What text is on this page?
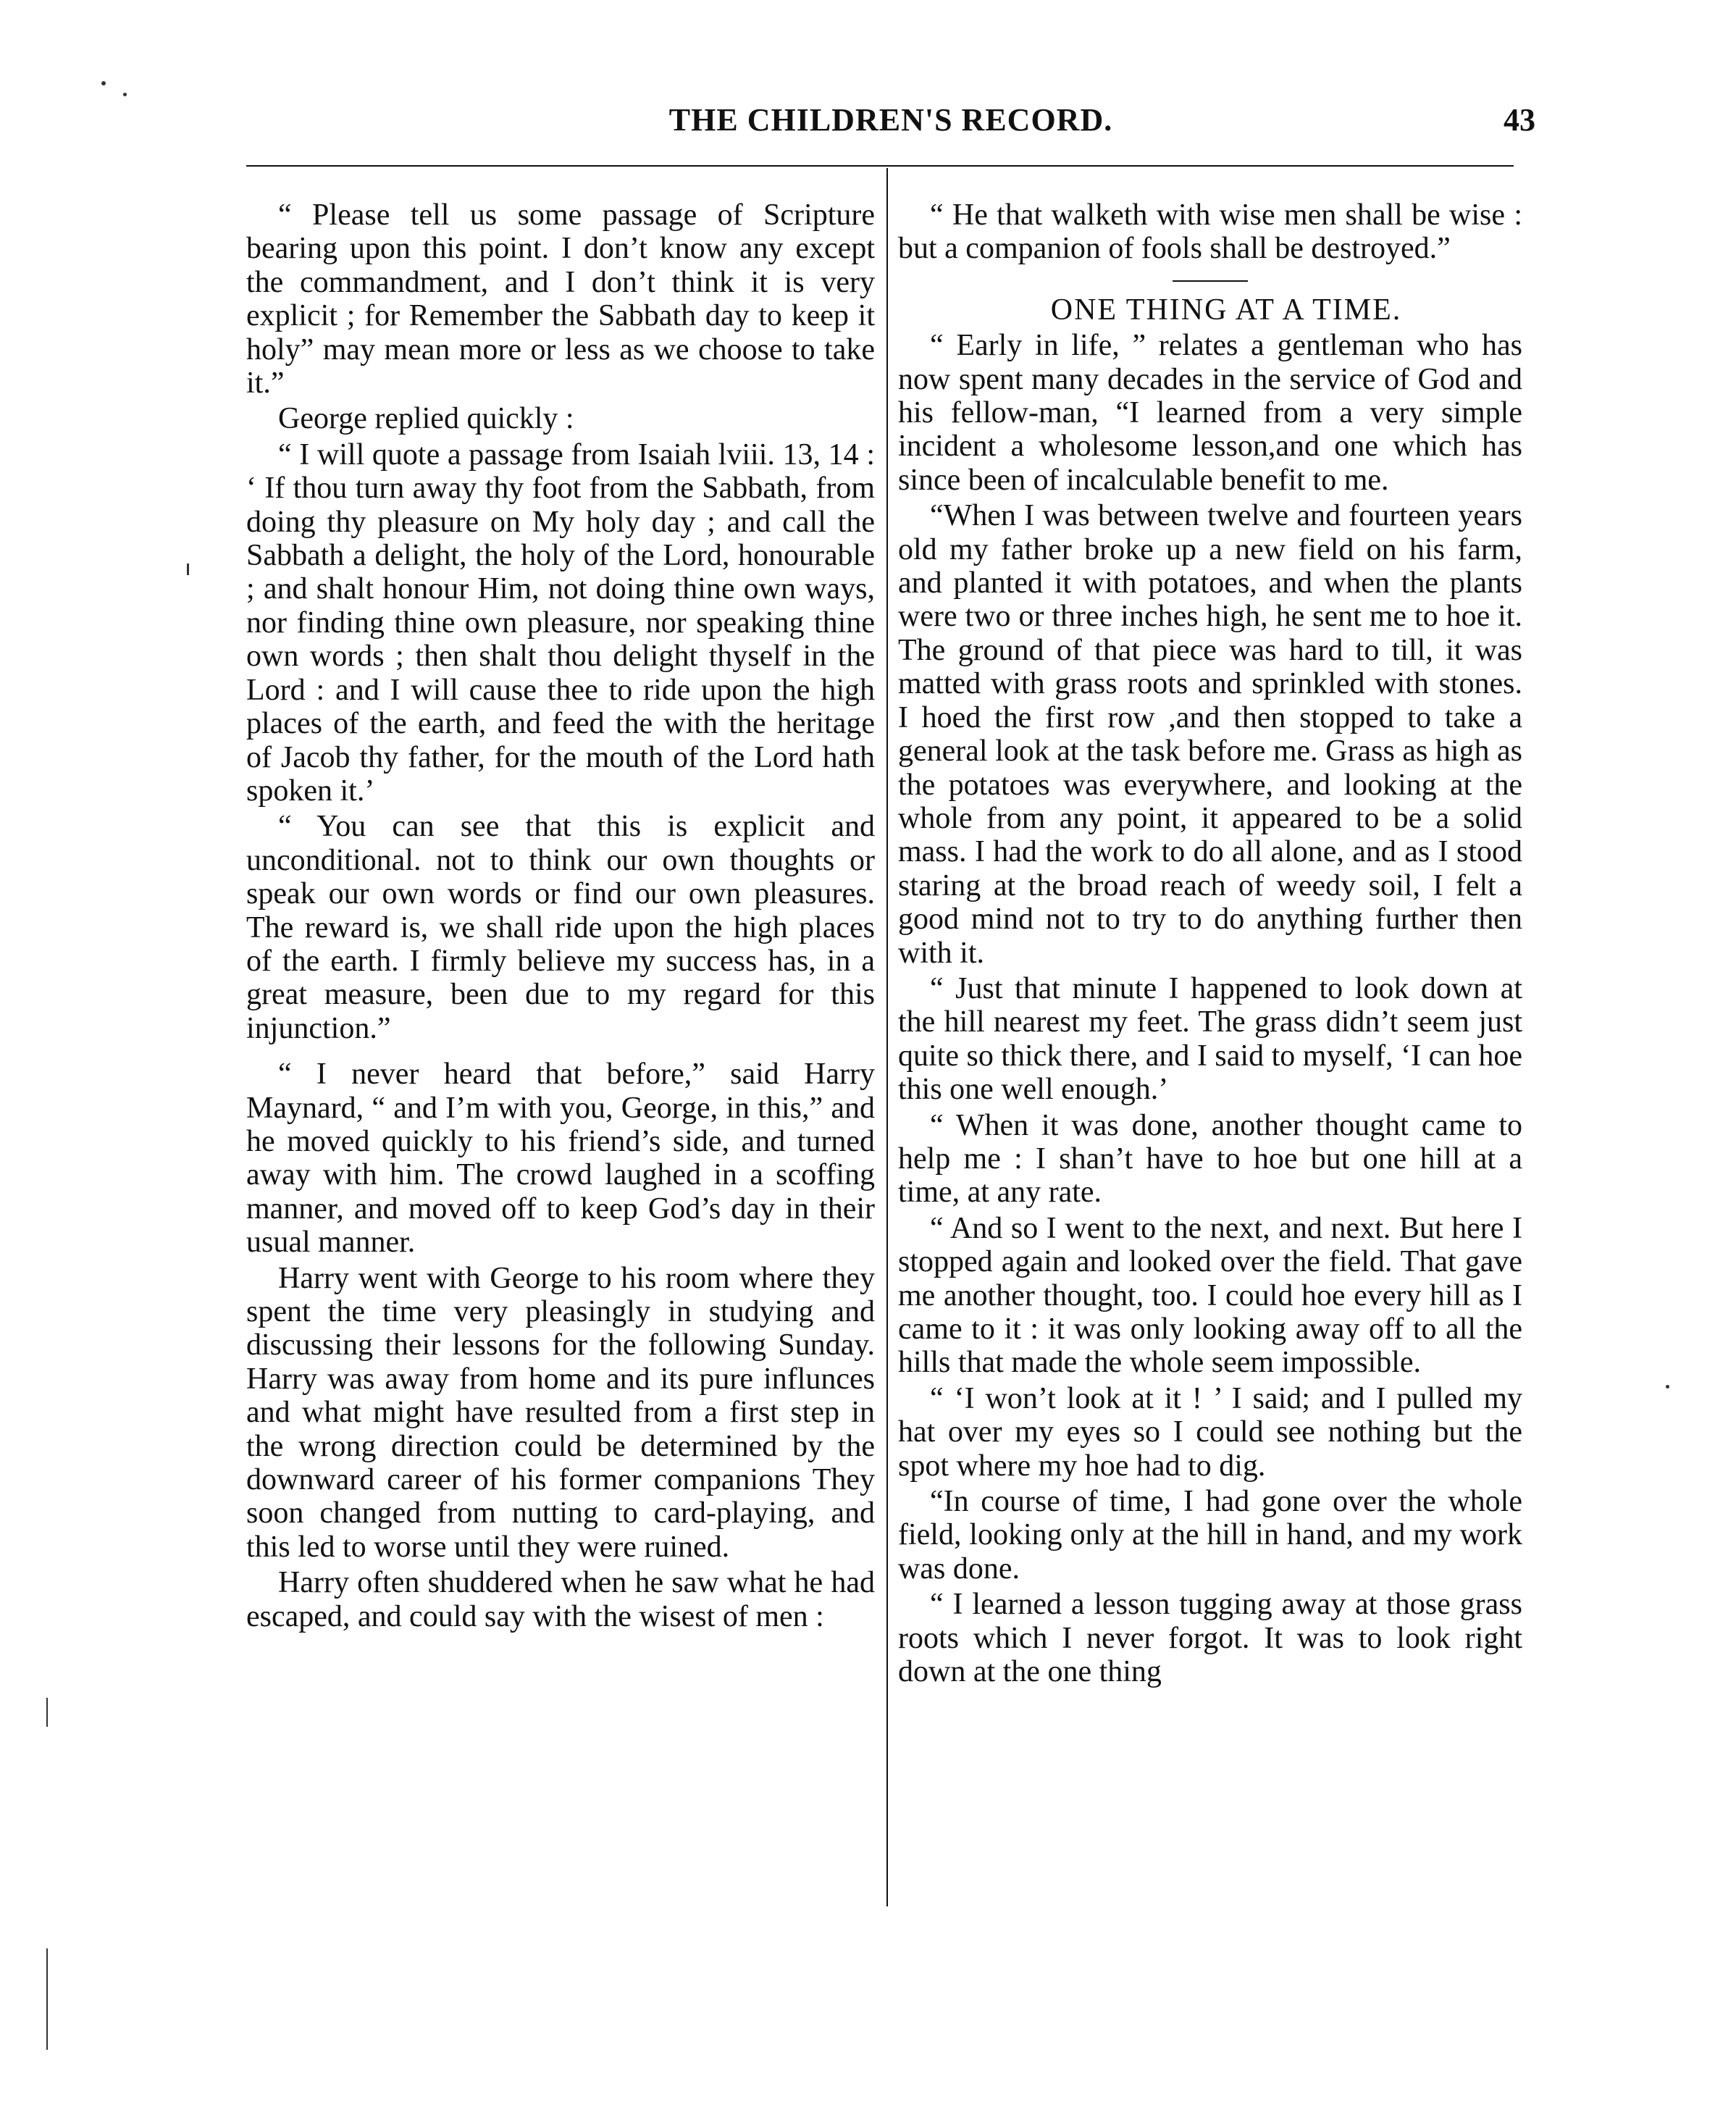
THE CHILDREN'S RECORD.	43

“ Please tell us some passage of Scripture bearing upon this point. I don’t know any except the commandment, and I don’t think it is very explicit ; for Remember the Sabbath day to keep it holy” may mean more or less as we choose to take it.”

George replied quickly :

“ I will quote a passage from Isaiah lviii. 13, 14 : ‘ If thou turn away thy foot from the Sabbath, from doing thy pleasure on My holy day ; and call the Sabbath a delight, the holy of the Lord, honourable ; and shalt honour Him, not doing thine own ways, nor finding thine own pleasure, nor speaking thine own words ; then shalt thou delight thyself in the Lord : and I will cause thee to ride upon the high places of the earth, and feed the with the heritage of Jacob thy father, for the mouth of the Lord hath spoken it.’

“ You can see that this is explicit and unconditional. not to think our own thoughts or speak our own words or find our own pleasures. The reward is, we shall ride upon the high places of the earth. I firmly believe my success has, in a great measure, been due to my regard for this injunction.”

“ I never heard that before,” said Harry Maynard, “ and I’m with you, George, in this,” and he moved quickly to his friend’s side, and turned away with him. The crowd laughed in a scoffing manner, and moved off to keep God’s day in their usual manner.

Harry went with George to his room where they spent the time very pleasingly in studying and discussing their lessons for the following Sunday. Harry was away from home and its pure influnces and what might have resulted from a first step in the wrong direction could be determined by the downward career of his former companions They soon changed from nutting to card-playing, and this led to worse until they were ruined.

Harry often shuddered when he saw what he had escaped, and could say with the wisest of men :

“ He that walketh with wise men shall be wise : but a companion of fools shall be destroyed.”

ONE THING AT A TIME.

“ Early in life, ” relates a gentleman who has now spent many decades in the service of God and his fellow-man, “I learned from a very simple incident a wholesome lesson,and one which has since been of incalculable benefit to me.

“When I was between twelve and fourteen years old my father broke up a new field on his farm, and planted it with potatoes, and when the plants were two or three inches high, he sent me to hoe it. The ground of that piece was hard to till, it was matted with grass roots and sprinkled with stones. I hoed the first row ,and then stopped to take a general look at the task before me. Grass as high as the potatoes was everywhere, and looking at the whole from any point, it appeared to be a solid mass. I had the work to do all alone, and as I stood staring at the broad reach of weedy soil, I felt a good mind not to try to do anything further then with it.

“ Just that minute I happened to look down at the hill nearest my feet. The grass didn’t seem just quite so thick there, and I said to myself, ‘I can hoe this one well enough.’

“ When it was done, another thought came to help me : I shan’t have to hoe but one hill at a time, at any rate.

“ And so I went to the next, and next. But here I stopped again and looked over the field. That gave me another thought, too. I could hoe every hill as I came to it : it was only looking away off to all the hills that made the whole seem impossible.

“ ‘I won’t look at it ! ’ I said; and I pulled my hat over my eyes so I could see nothing but the spot where my hoe had to dig.

“In course of time, I had gone over the whole field, looking only at the hill in hand, and my work was done.

“ I learned a lesson tugging away at those grass roots which I never forgot. It was to look right down at the one thing
